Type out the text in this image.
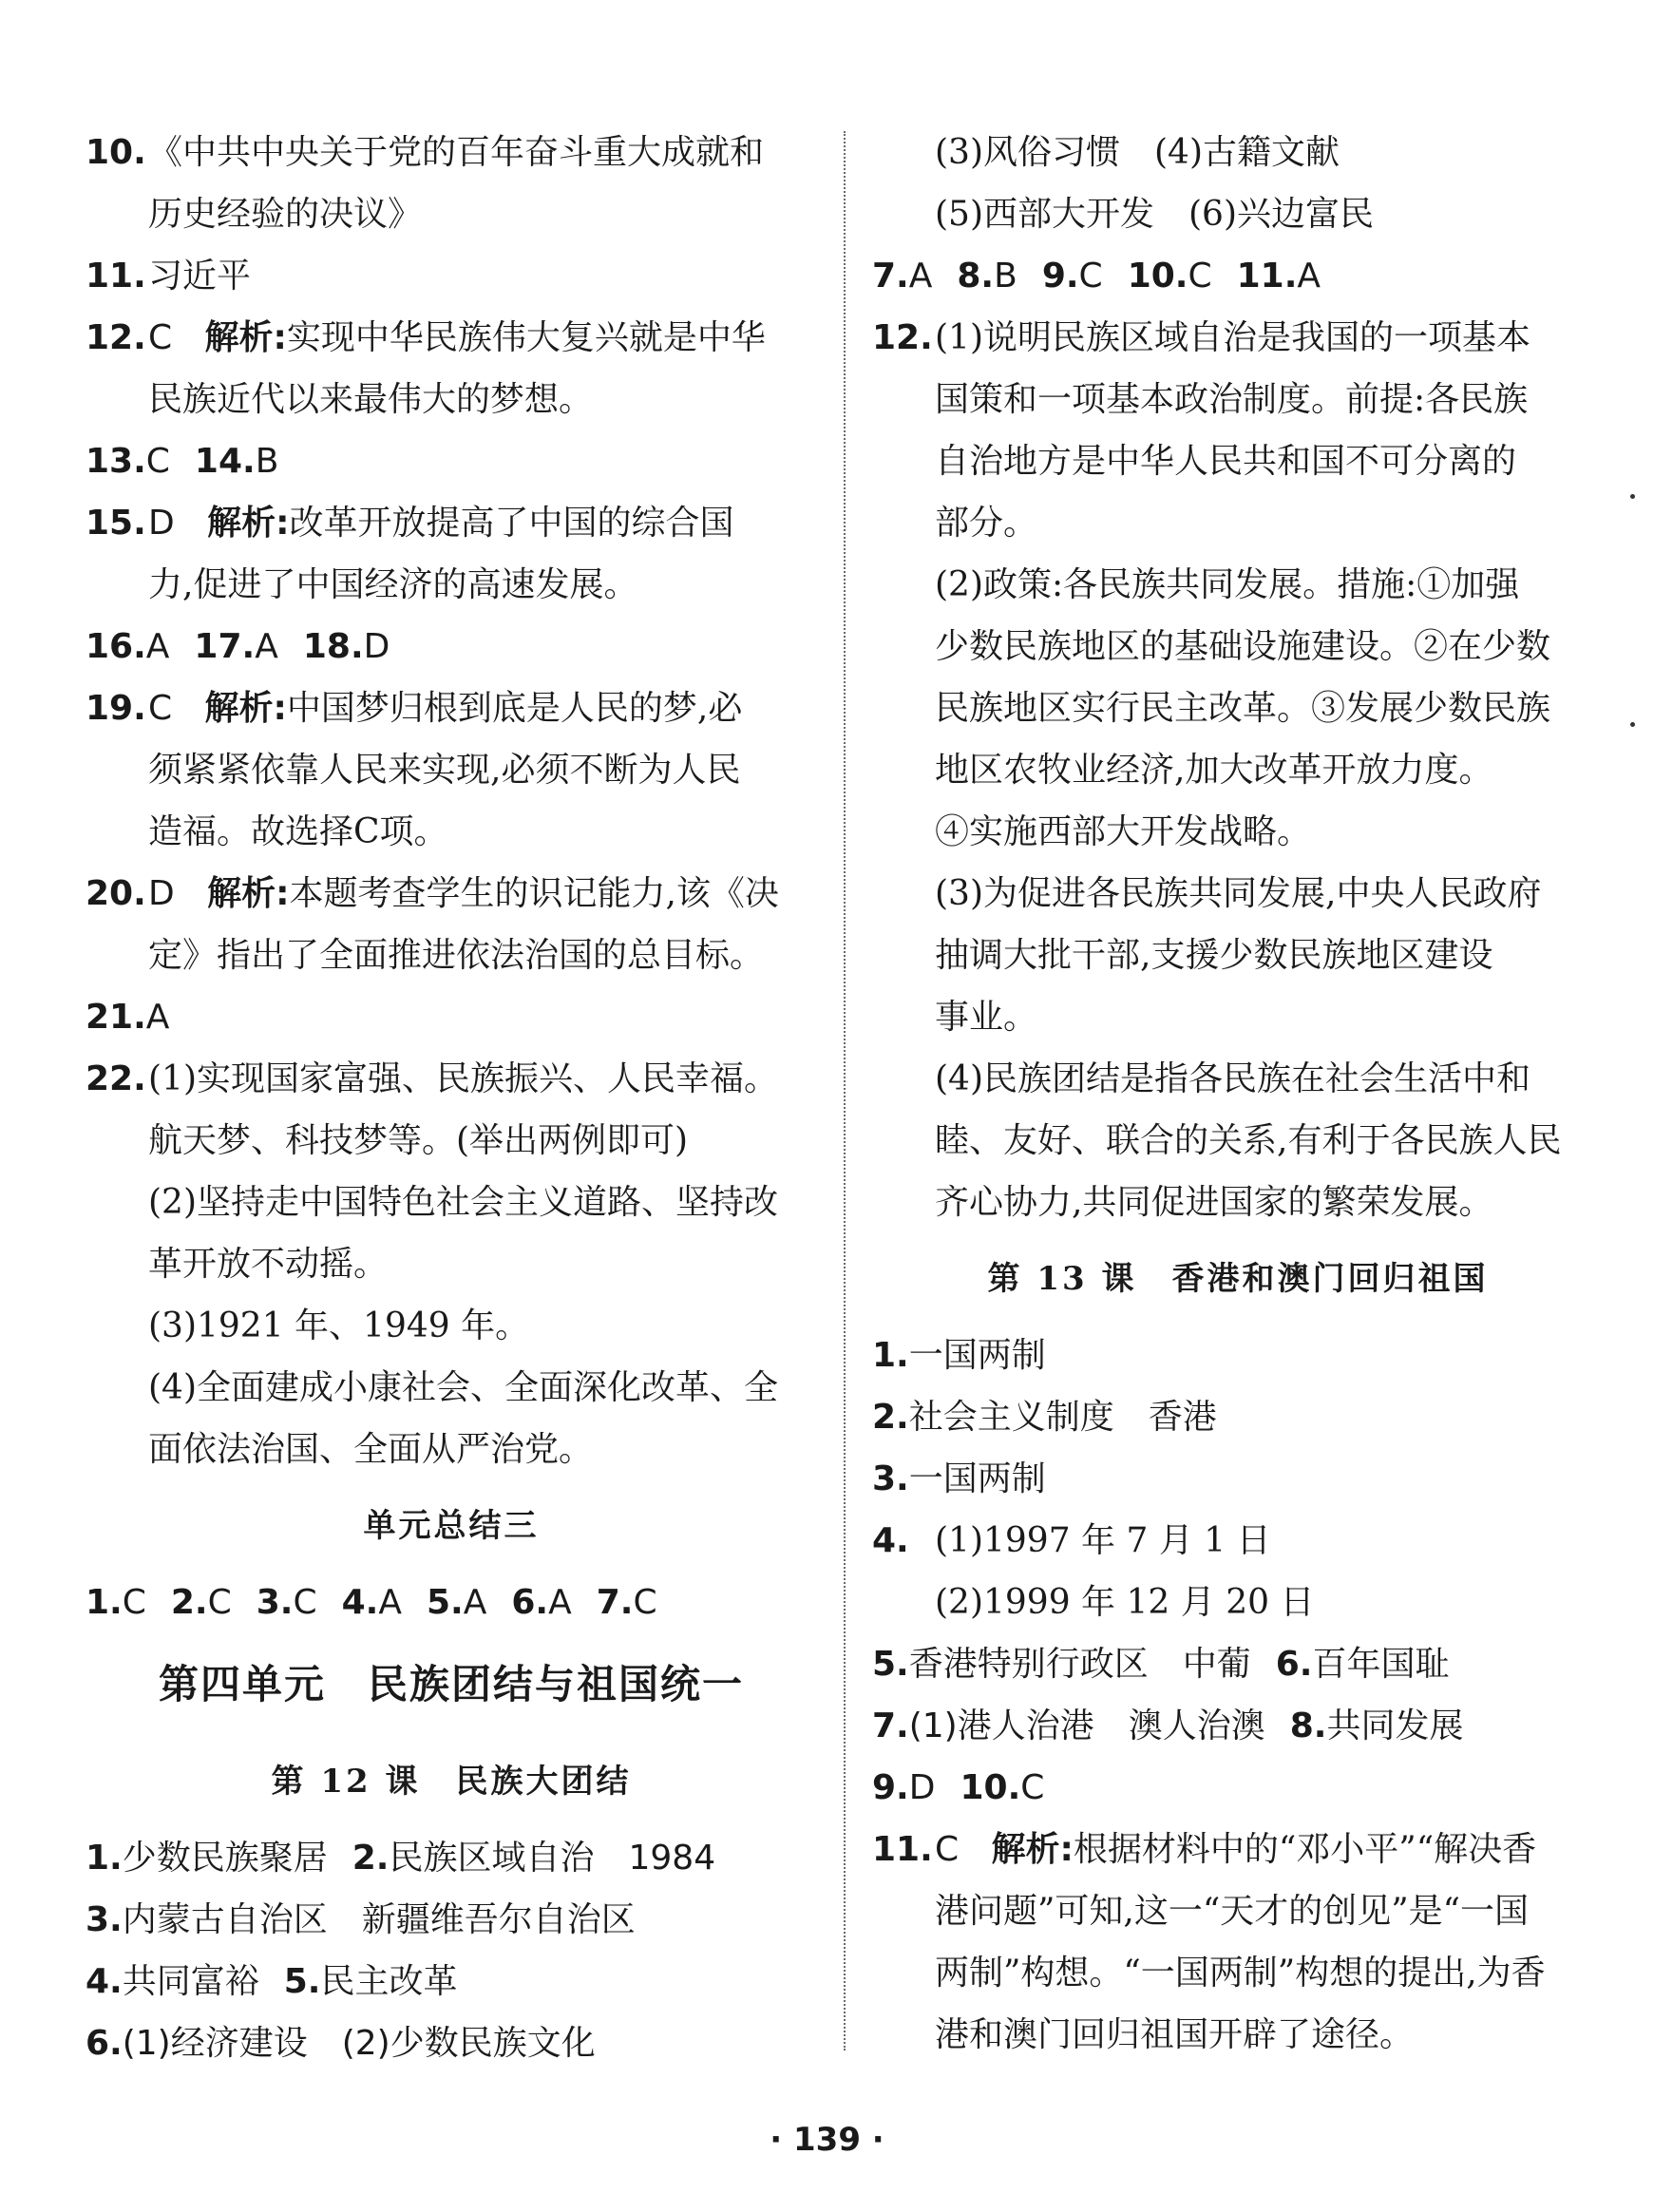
10. 《中共中央关于党的百年奋斗重大成就和
历史经验的决议》
11. 习近平
12. C 解析:实现中华民族伟大复兴就是中华
民族近代以来最伟大的梦想。
13.C 14.B
15. D 解析:改革开放提高了中国的综合国
力,促进了中国经济的高速发展。
16.A 17.A 18.D
19. C 解析:中国梦归根到底是人民的梦,必
须紧紧依靠人民来实现,必须不断为人民
造福。故选择C项。
20. D 解析:本题考查学生的识记能力,该《决
定》指出了全面推进依法治国的总目标。
21.A
22. (1)实现国家富强、民族振兴、人民幸福。
航天梦、科技梦等。(举出两例即可)
(2)坚持走中国特色社会主义道路、坚持改
革开放不动摇。
(3)1921 年、1949 年。
(4)全面建成小康社会、全面深化改革、全
面依法治国、全面从严治党。
单元总结三
1.C 2.C 3.C 4.A 5.A 6.A 7.C
第四单元　民族团结与祖国统一
第 12 课　民族大团结
1.少数民族聚居 2.民族区域自治　1984
3.内蒙古自治区　新疆维吾尔自治区
4.共同富裕 5.民主改革
6.(1)经济建设　(2)少数民族文化
(3)风俗习惯　(4)古籍文献
(5)西部大开发　(6)兴边富民
7.A 8.B 9.C 10.C 11.A
12. (1)说明民族区域自治是我国的一项基本
国策和一项基本政治制度。前提:各民族
自治地方是中华人民共和国不可分离的
部分。
(2)政策:各民族共同发展。措施:①加强
少数民族地区的基础设施建设。②在少数
民族地区实行民主改革。③发展少数民族
地区农牧业经济,加大改革开放力度。
④实施西部大开发战略。
(3)为促进各民族共同发展,中央人民政府
抽调大批干部,支援少数民族地区建设
事业。
(4)民族团结是指各民族在社会生活中和
睦、友好、联合的关系,有利于各民族人民
齐心协力,共同促进国家的繁荣发展。
第 13 课　香港和澳门回归祖国
1.一国两制
2.社会主义制度　香港
3.一国两制
4. (1)1997 年 7 月 1 日
(2)1999 年 12 月 20 日
5.香港特别行政区　中葡 6.百年国耻
7.(1)港人治港　澳人治澳 8.共同发展
9.D 10.C
11. C 解析:根据材料中的“邓小平”“解决香
港问题”可知,这一“天才的创见”是“一国
两制”构想。“一国两制”构想的提出,为香
港和澳门回归祖国开辟了途径。
· 139 ·
